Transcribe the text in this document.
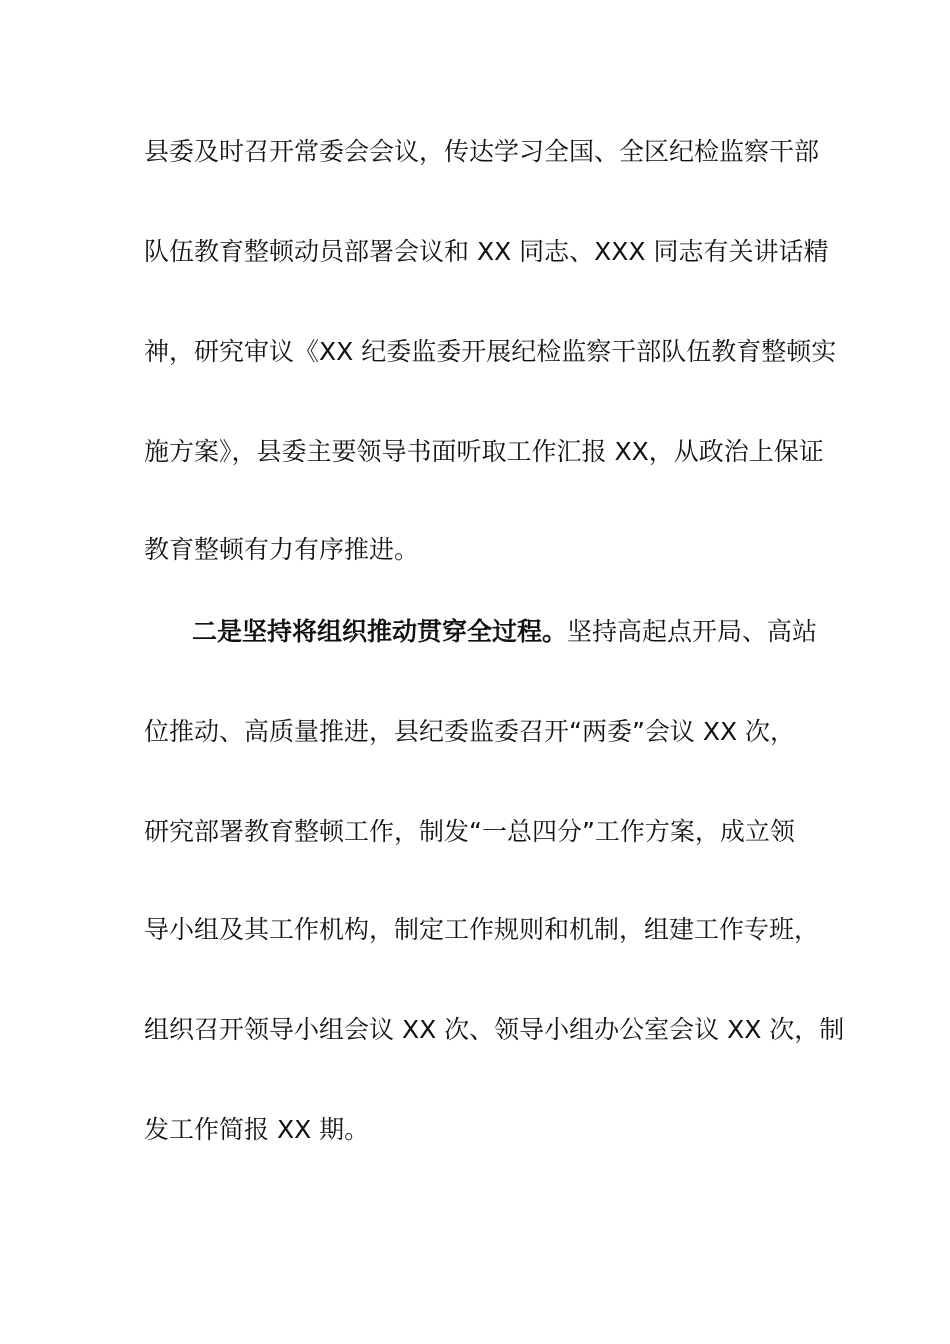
县委及时召开常委会会议，传达学习全国、全区纪检监察干部
队伍教育整顿动员部署会议和 XX 同志、XXX 同志有关讲话精
神，研究审议《XX 纪委监委开展纪检监察干部队伍教育整顿实
施方案》，县委主要领导书面听取工作汇报 XX，从政治上保证
教育整顿有力有序推进。
二是坚持将组织推动贯穿全过程。坚持高起点开局、高站
位推动、高质量推进，县纪委监委召开“两委”会议 XX 次，
研究部署教育整顿工作，制发“一总四分”工作方案，成立领
导小组及其工作机构，制定工作规则和机制，组建工作专班，
组织召开领导小组会议 XX 次、领导小组办公室会议 XX 次，制
发工作简报 XX 期。
